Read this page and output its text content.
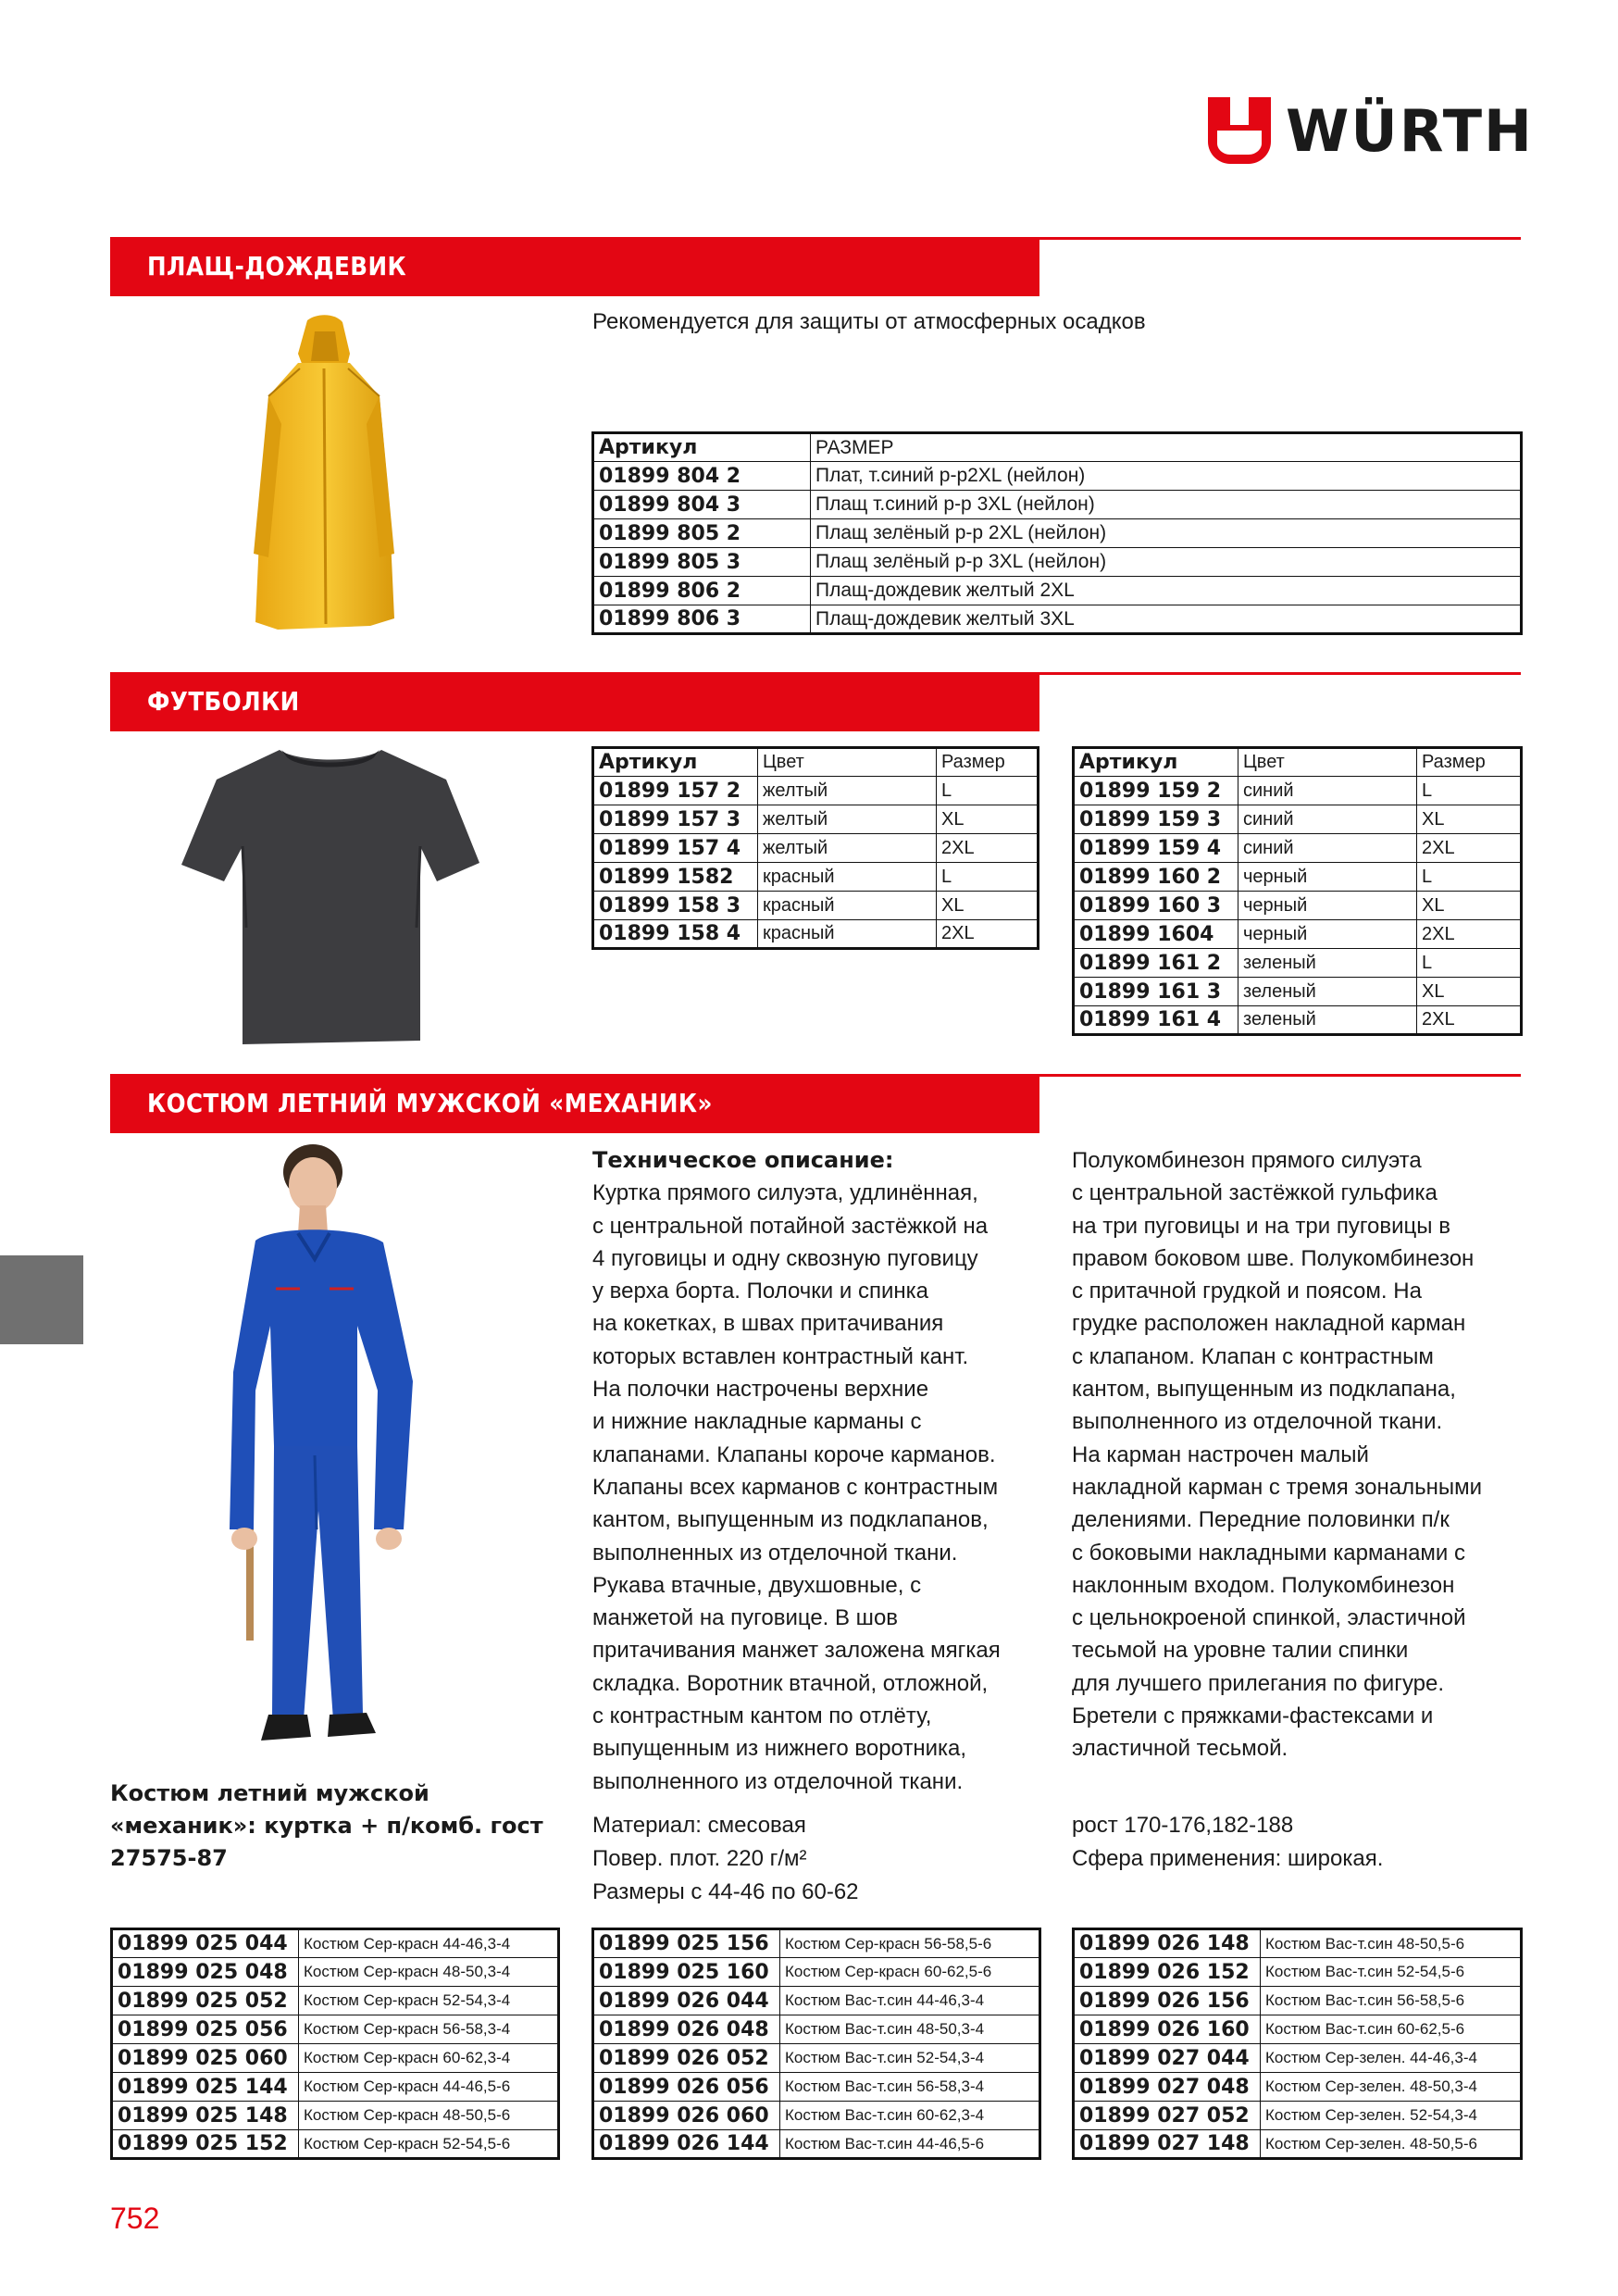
WÜRTH
ПЛАЩ-ДОЖДЕВИК
Рекомендуется для защиты от атмосферных осадков
Артикул	РАЗМЕР
01899 804 2	Плат, т.синий р-р2XL (нейлон)
01899 804 3	Плащ т.синий р-р 3XL (нейлон)
01899 805 2	Плащ зелёный р-р 2XL (нейлон)
01899 805 3	Плащ зелёный р-р 3XL (нейлон)
01899 806 2	Плащ-дождевик желтый 2XL
01899 806 3	Плащ-дождевик желтый 3XL
ФУТБОЛКИ
Артикул	Цвет	Размер
01899 157 2	желтый	L
01899 157 3	желтый	XL
01899 157 4	желтый	2XL
01899 1582	красный	L
01899 158 3	красный	XL
01899 158 4	красный	2XL
Артикул	Цвет	Размер
01899 159 2	синий	L
01899 159 3	синий	XL
01899 159 4	синий	2XL
01899 160 2	черный	L
01899 160 3	черный	XL
01899 1604	черный	2XL
01899 161 2	зеленый	L
01899 161 3	зеленый	XL
01899 161 4	зеленый	2XL
КОСТЮМ ЛЕТНИЙ МУЖСКОЙ «МЕХАНИК»
Костюм летний мужской
«механик»: куртка + п/комб. гост
27575-87
Техническое описание:
Куртка прямого силуэта, удлинённая,
с центральной потайной застёжкой на
4 пуговицы и одну сквозную пуговицу
у верха борта. Полочки и спинка
на кокетках, в швах притачивания
которых вставлен контрастный кант.
На полочки настрочены верхние
и нижние накладные карманы с
клапанами. Клапаны короче карманов.
Клапаны всех карманов с контрастным
кантом, выпущенным из подклапанов,
выполненных из отделочной ткани.
Рукава втачные, двухшовные, с
манжетой на пуговице. В шов
притачивания манжет заложена мягкая
складка. Воротник втачной, отложной,
с контрастным кантом по отлёту,
выпущенным из нижнего воротника,
выполненного из отделочной ткани.
Полукомбинезон прямого силуэта
с центральной застёжкой гульфика
на три пуговицы и на три пуговицы в
правом боковом шве. Полукомбинезон
с притачной грудкой и поясом. На
грудке расположен накладной карман
с клапаном. Клапан с контрастным
кантом, выпущенным из подклапана,
выполненного из отделочной ткани.
На карман настрочен малый
накладной карман с тремя зональными
делениями. Передние половинки п/к
с боковыми накладными карманами с
наклонным входом. Полукомбинезон
с цельнокроеной спинкой, эластичной
тесьмой на уровне талии спинки
для лучшего прилегания по фигуре.
Бретели с пряжками-фастексами и
эластичной тесьмой.
Материал: смесовая
Повер. плот. 220 г/м²
Размеры с 44-46 по 60-62
рост 170-176,182-188
Сфера применения: широкая.
01899 025 044	Костюм Сер-красн 44-46,3-4
01899 025 048	Костюм Сер-красн 48-50,3-4
01899 025 052	Костюм Сер-красн 52-54,3-4
01899 025 056	Костюм Сер-красн 56-58,3-4
01899 025 060	Костюм Сер-красн 60-62,3-4
01899 025 144	Костюм Сер-красн 44-46,5-6
01899 025 148	Костюм Сер-красн 48-50,5-6
01899 025 152	Костюм Сер-красн 52-54,5-6
01899 025 156	Костюм Сер-красн 56-58,5-6
01899 025 160	Костюм Сер-красн 60-62,5-6
01899 026 044	Костюм Вас-т.син 44-46,3-4
01899 026 048	Костюм Вас-т.син 48-50,3-4
01899 026 052	Костюм Вас-т.син 52-54,3-4
01899 026 056	Костюм Вас-т.син 56-58,3-4
01899 026 060	Костюм Вас-т.син 60-62,3-4
01899 026 144	Костюм Вас-т.син 44-46,5-6
01899 026 148	Костюм Вас-т.син 48-50,5-6
01899 026 152	Костюм Вас-т.син 52-54,5-6
01899 026 156	Костюм Вас-т.син 56-58,5-6
01899 026 160	Костюм Вас-т.син 60-62,5-6
01899 027 044	Костюм Сер-зелен. 44-46,3-4
01899 027 048	Костюм Сер-зелен. 48-50,3-4
01899 027 052	Костюм Сер-зелен. 52-54,3-4
01899 027 148	Костюм Сер-зелен. 48-50,5-6
752
